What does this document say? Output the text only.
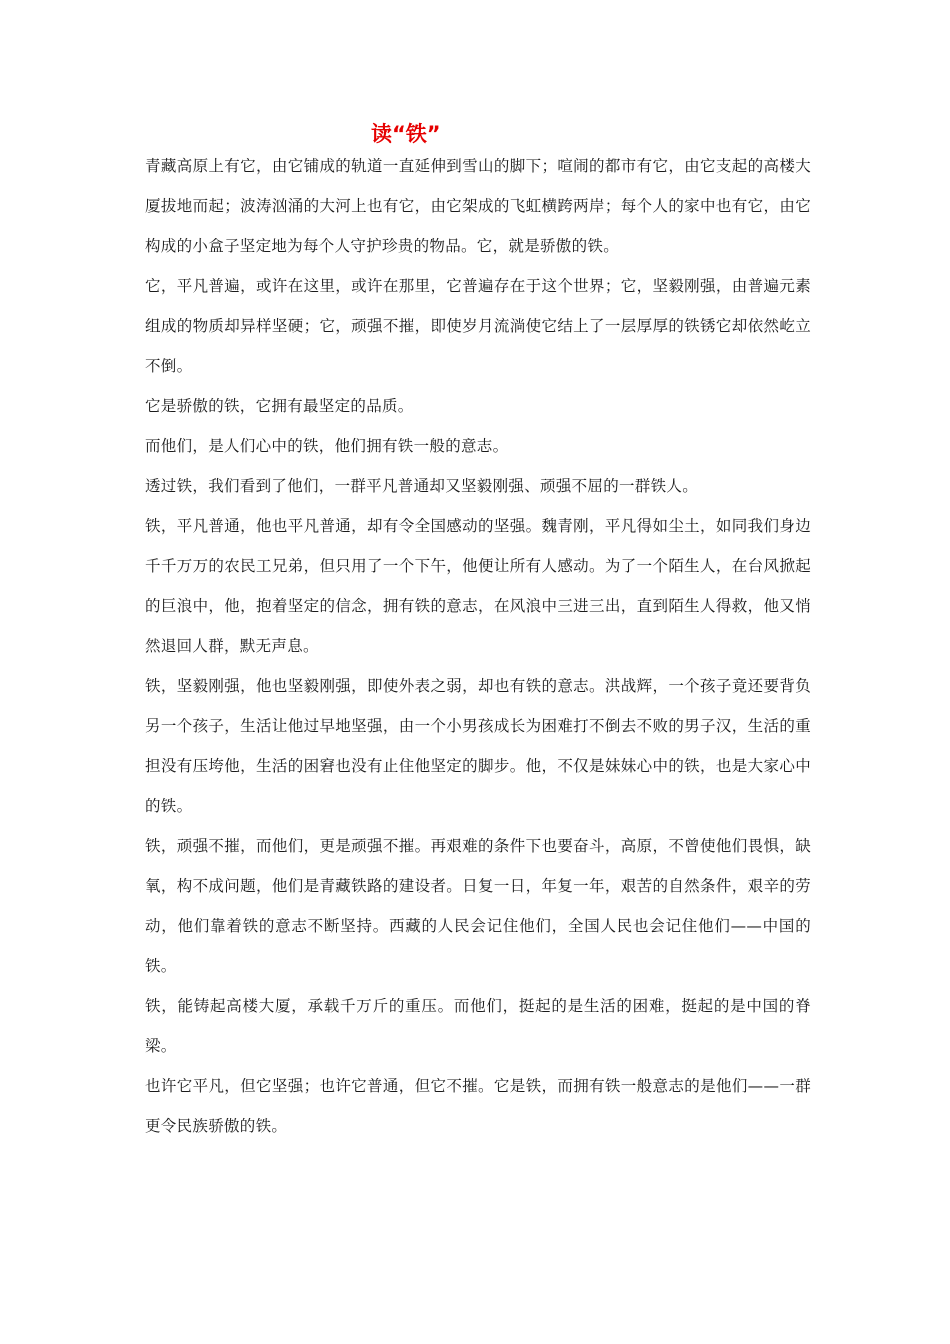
读“铁”

青藏高原上有它，由它铺成的轨道一直延伸到雪山的脚下；喧闹的都市有它，由它支起的高楼大厦拔地而起；波涛汹涌的大河上也有它，由它架成的飞虹横跨两岸；每个人的家中也有它，由它构成的小盒子坚定地为每个人守护珍贵的物品。它，就是骄傲的铁。

它，平凡普遍，或许在这里，或许在那里，它普遍存在于这个世界；它，坚毅刚强，由普遍元素组成的物质却异样坚硬；它，顽强不摧，即使岁月流淌使它结上了一层厚厚的铁锈它却依然屹立不倒。

它是骄傲的铁，它拥有最坚定的品质。

而他们，是人们心中的铁，他们拥有铁一般的意志。

透过铁，我们看到了他们，一群平凡普通却又坚毅刚强、顽强不屈的一群铁人。

铁，平凡普通，他也平凡普通，却有令全国感动的坚强。魏青刚，平凡得如尘土，如同我们身边千千万万的农民工兄弟，但只用了一个下午，他便让所有人感动。为了一个陌生人，在台风掀起的巨浪中，他，抱着坚定的信念，拥有铁的意志，在风浪中三进三出，直到陌生人得救，他又悄然退回人群，默无声息。

铁，坚毅刚强，他也坚毅刚强，即使外表之弱，却也有铁的意志。洪战辉，一个孩子竟还要背负另一个孩子，生活让他过早地坚强，由一个小男孩成长为困难打不倒去不败的男子汉，生活的重担没有压垮他，生活的困窘也没有止住他坚定的脚步。他，不仅是妹妹心中的铁，也是大家心中的铁。

铁，顽强不摧，而他们，更是顽强不摧。再艰难的条件下也要奋斗，高原，不曾使他们畏惧，缺氧，构不成问题，他们是青藏铁路的建设者。日复一日，年复一年，艰苦的自然条件，艰辛的劳动，他们靠着铁的意志不断坚持。西藏的人民会记住他们，全国人民也会记住他们——中国的铁。

铁，能铸起高楼大厦，承载千万斤的重压。而他们，挺起的是生活的困难，挺起的是中国的脊梁。

也许它平凡，但它坚强；也许它普通，但它不摧。它是铁，而拥有铁一般意志的是他们——一群更令民族骄傲的铁。
